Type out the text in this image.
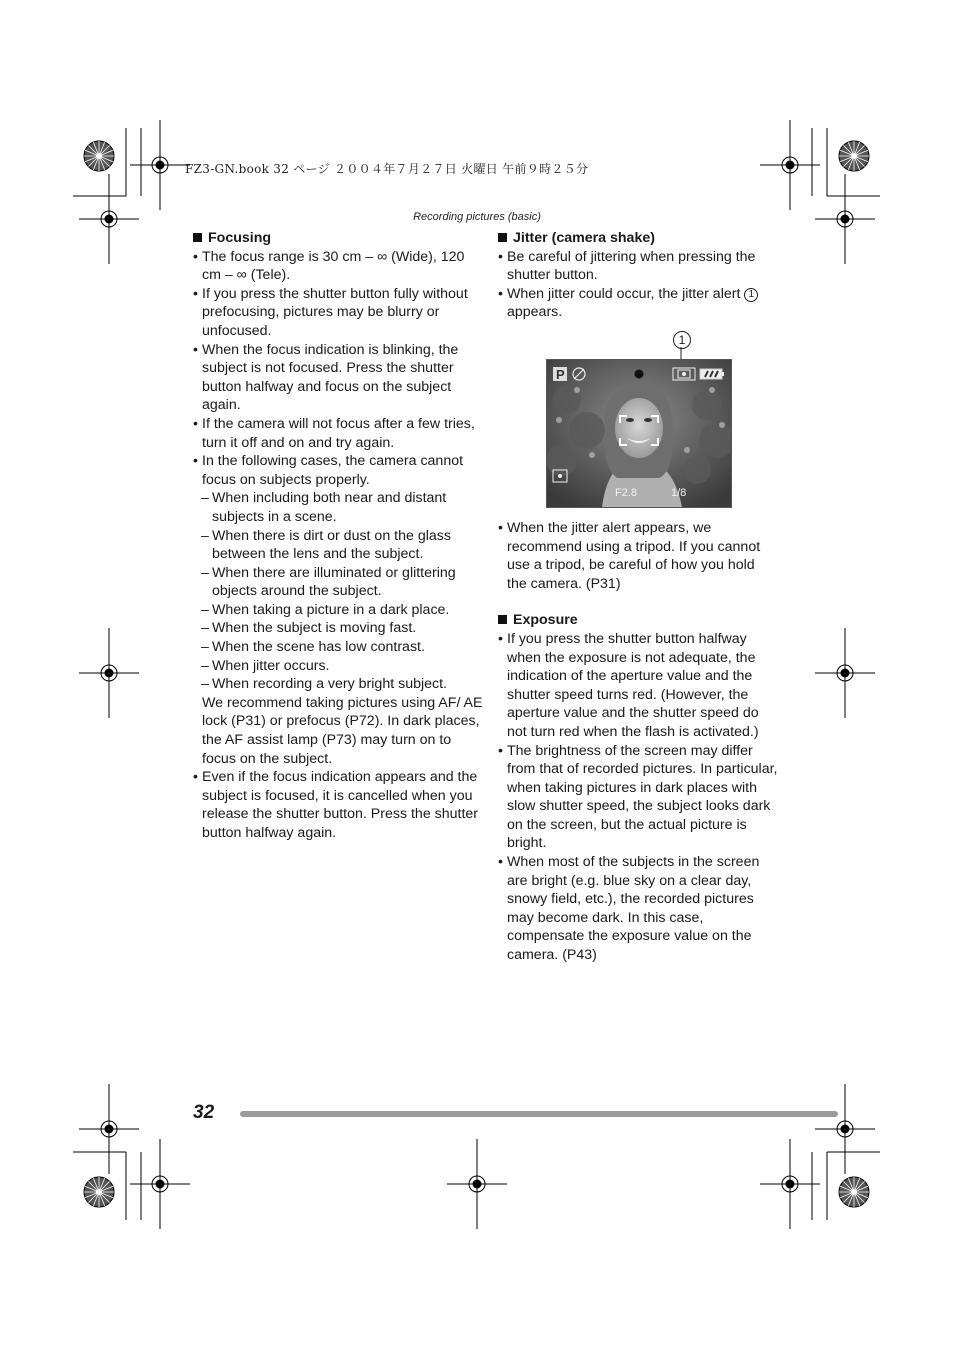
FZ3-GN.book 32 ページ ２００４年７月２７日 火曜日 午前９時２５分
Recording pictures (basic)

Focusing

• The focus range is 30 cm – ∞ (Wide), 120 cm – ∞ (Tele).
• If you press the shutter button fully without prefocusing, pictures may be blurry or unfocused.
• When the focus indication is blinking, the subject is not focused. Press the shutter button halfway and focus on the subject again.
• If the camera will not focus after a few tries, turn it off and on and try again.
• In the following cases, the camera cannot focus on subjects properly.
– When including both near and distant subjects in a scene.
– When there is dirt or dust on the glass between the lens and the subject.
– When there are illuminated or glittering objects around the subject.
– When taking a picture in a dark place.
– When the subject is moving fast.
– When the scene has low contrast.
– When jitter occurs.
– When recording a very bright subject.

We recommend taking pictures using AF/ AE lock (P31) or prefocus (P72). In dark places, the AF assist lamp (P73) may turn on to focus on the subject.

• Even if the focus indication appears and the subject is focused, it is cancelled when you release the shutter button. Press the shutter button halfway again.

Jitter (camera shake)

• Be careful of jittering when pressing the shutter button.
• When jitter could occur, the jitter alert 1 appears.
• When the jitter alert appears, we recommend using a tripod. If you cannot use a tripod, be careful of how you hold the camera. (P31)

Exposure

• If you press the shutter button halfway when the exposure is not adequate, the indication of the aperture value and the shutter speed turns red. (However, the aperture value and the shutter speed do not turn red when the flash is activated.)
• The brightness of the screen may differ from that of recorded pictures. In particular, when taking pictures in dark places with slow shutter speed, the subject looks dark on the screen, but the actual picture is bright.
• When most of the subjects in the screen are bright (e.g. blue sky on a clear day, snowy field, etc.), the recorded pictures may become dark. In this case, compensate the exposure value on the camera. (P43)
1
P
F2.8	1/8
32
